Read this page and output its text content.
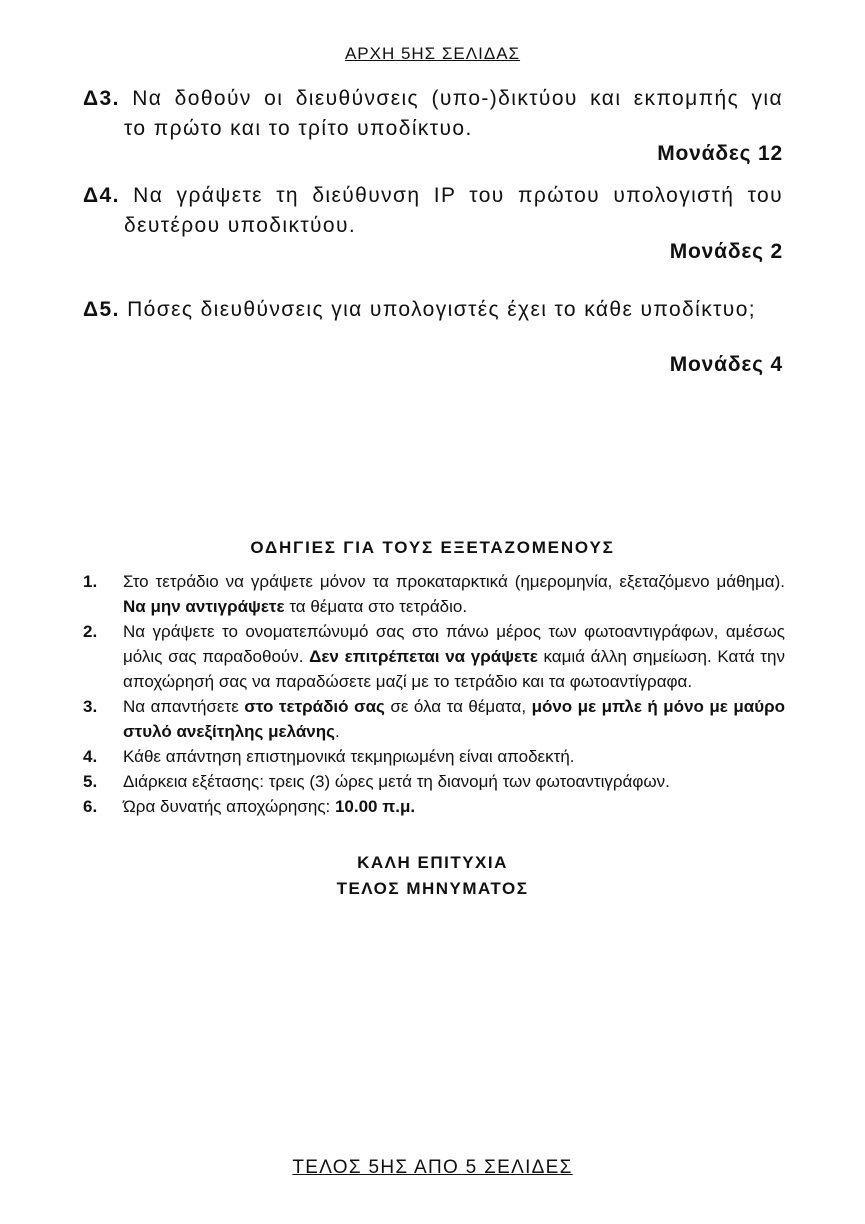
ΑΡΧΗ 5ΗΣ ΣΕΛΙΔΑΣ
Δ3. Να δοθούν οι διευθύνσεις (υπο-)δικτύου και εκπομπής για
το πρώτο και το τρίτο υποδίκτυο.
Μονάδες 12
Δ4. Να γράψετε τη διεύθυνση IP του πρώτου υπολογιστή του
δευτέρου υποδικτύου.
Μονάδες 2
Δ5. Πόσες διευθύνσεις για υπολογιστές έχει το κάθε υποδίκτυο;
Μονάδες 4
ΟΔΗΓΙΕΣ ΓΙΑ ΤΟΥΣ ΕΞΕΤΑΖΟΜΕΝΟΥΣ
1.	Στο τετράδιο να γράψετε μόνον τα προκαταρκτικά (ημερομηνία, εξεταζόμενο μάθημα). Να μην αντιγράψετε τα θέματα στο τετράδιο.
2.	Να γράψετε το ονοματεπώνυμό σας στο πάνω μέρος των φωτοαντιγράφων, αμέσως μόλις σας παραδοθούν. Δεν επιτρέπεται να γράψετε καμιά άλλη σημείωση. Κατά την αποχώρησή σας να παραδώσετε μαζί με το τετράδιο και τα φωτοαντίγραφα.
3.	Να απαντήσετε στο τετράδιό σας σε όλα τα θέματα, μόνο με μπλε ή μόνο με μαύρο στυλό ανεξίτηλης μελάνης.
4.	Κάθε απάντηση επιστημονικά τεκμηριωμένη είναι αποδεκτή.
5.	Διάρκεια εξέτασης: τρεις (3) ώρες μετά τη διανομή των φωτοαντιγράφων.
6.	Ώρα δυνατής αποχώρησης: 10.00 π.μ.
ΚΑΛΗ ΕΠΙΤΥΧΙΑ
ΤΕΛΟΣ ΜΗΝΥΜΑΤΟΣ
ΤΕΛΟΣ 5ΗΣ ΑΠΟ 5 ΣΕΛΙΔΕΣ
